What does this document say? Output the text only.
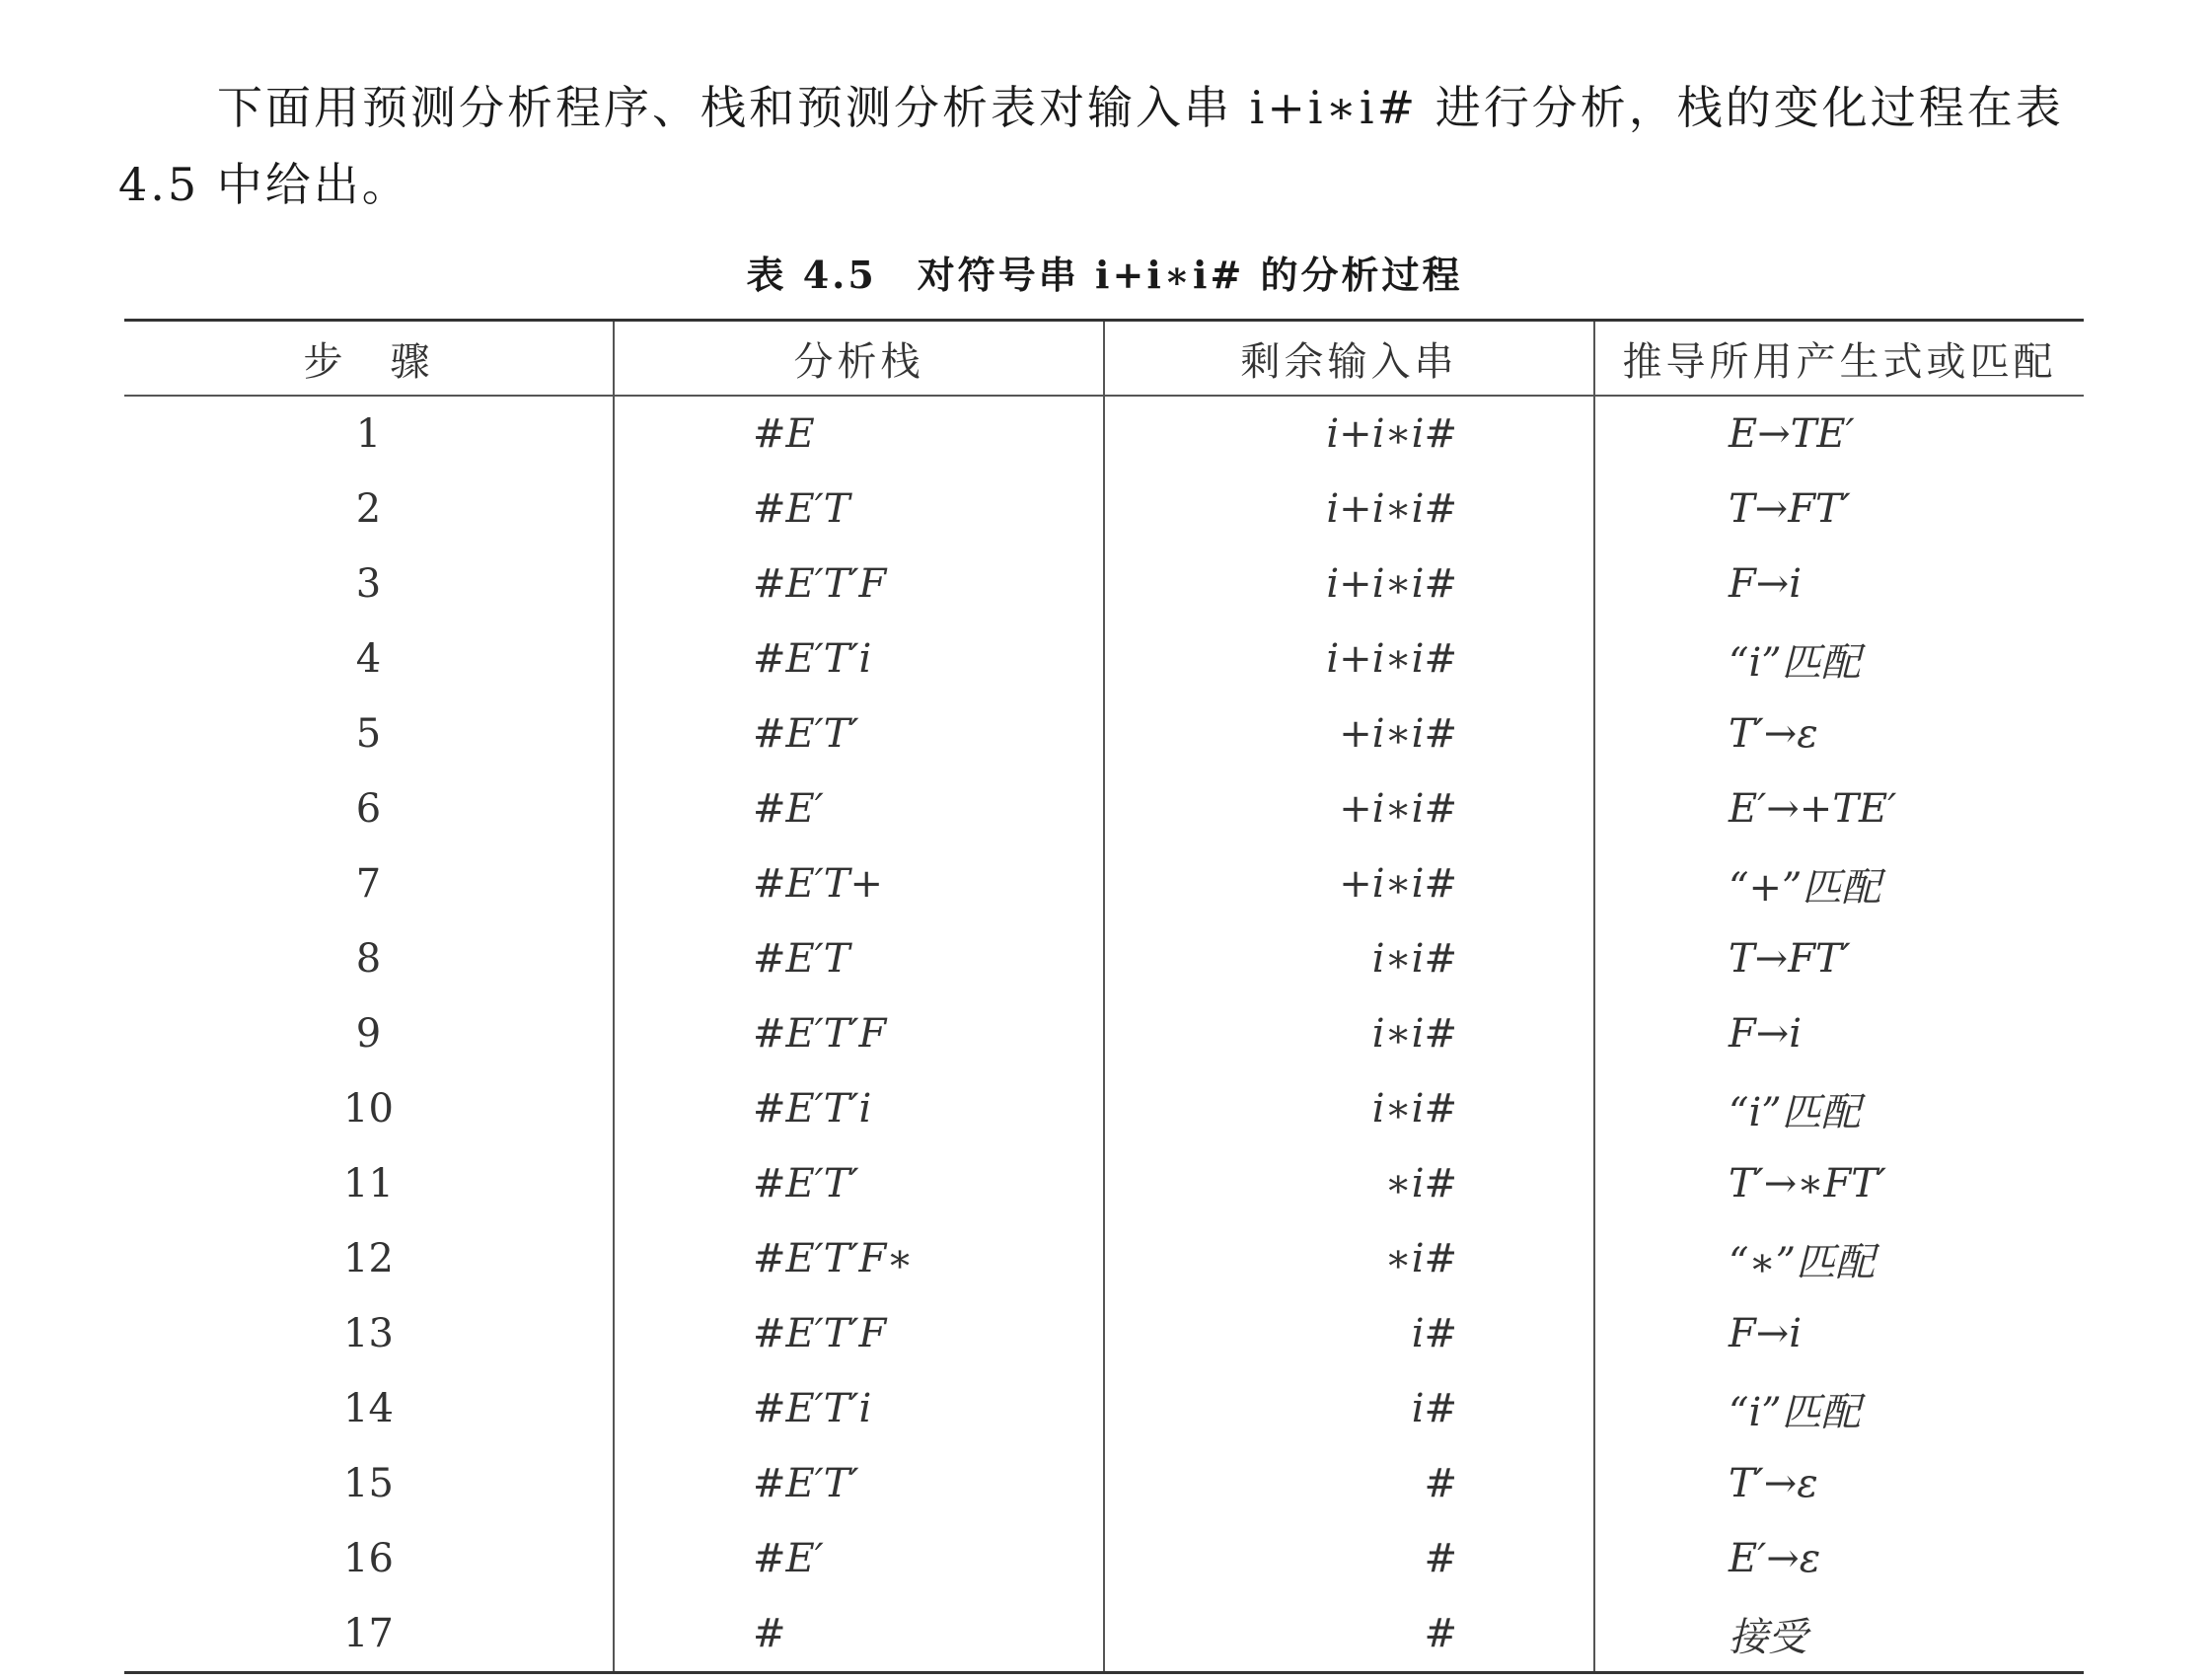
下面用预测分析程序、栈和预测分析表对输入串 i+i∗i# 进行分析，栈的变化过程在表 4.5 中给出。

表 4.5　对符号串 i+i∗i# 的分析过程
步　骤	分析栈	剩余输入串	推导所用产生式或匹配
1	#E	i+i∗i#	E→TE′
2	#E′T	i+i∗i#	T→FT′
3	#E′T′F	i+i∗i#	F→i
4	#E′T′i	i+i∗i#	“i”匹配
5	#E′T′	+i∗i#	T′→ε
6	#E′	+i∗i#	E′→+TE′
7	#E′T+	+i∗i#	“+”匹配
8	#E′T	i∗i#	T→FT′
9	#E′T′F	i∗i#	F→i
10	#E′T′i	i∗i#	“i”匹配
11	#E′T′	∗i#	T′→∗FT′
12	#E′T′F∗	∗i#	“∗”匹配
13	#E′T′F	i#	F→i
14	#E′T′i	i#	“i”匹配
15	#E′T′	#	T′→ε
16	#E′	#	E′→ε
17	#	#	接受
